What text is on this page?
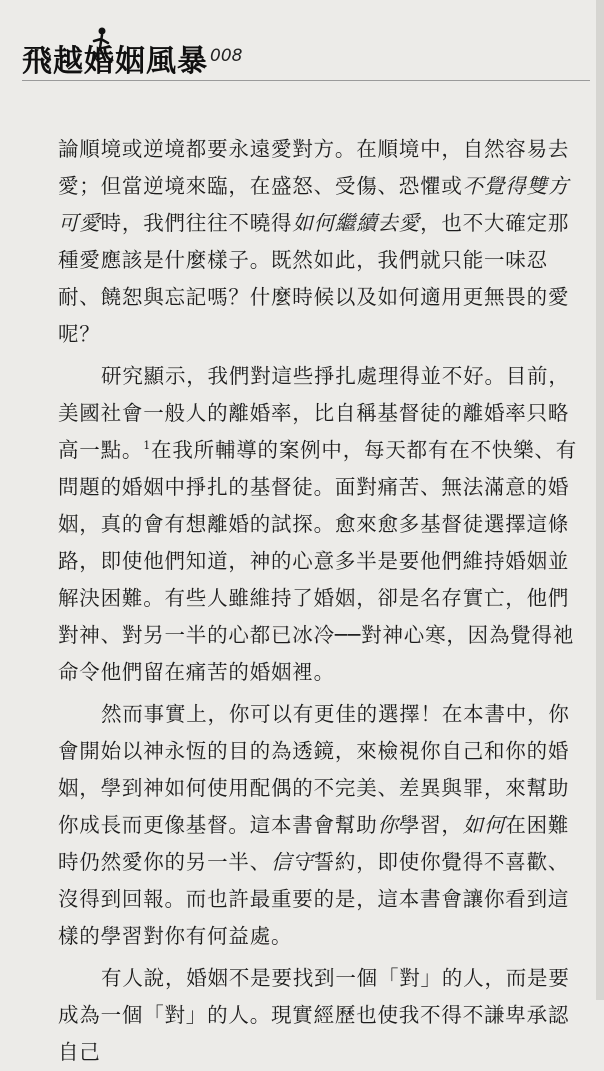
飛越婚姻風暴 008

論順境或逆境都要永遠愛對方。在順境中，自然容易去愛；但當逆境來臨，在盛怒、受傷、恐懼或不覺得雙方可愛時，我們往往不曉得如何繼續去愛，也不大確定那種愛應該是什麼樣子。既然如此，我們就只能一味忍耐、饒恕與忘記嗎？什麼時候以及如何適用更無畏的愛呢？

研究顯示，我們對這些掙扎處理得並不好。目前，美國社會一般人的離婚率，比自稱基督徒的離婚率只略高一點。$^1$在我所輔導的案例中，每天都有在不快樂、有問題的婚姻中掙扎的基督徒。面對痛苦、無法滿意的婚姻，真的會有想離婚的試探。愈來愈多基督徒選擇這條路，即使他們知道，神的心意多半是要他們維持婚姻並解決困難。有些人雖維持了婚姻，卻是名存實亡，他們對神、對另一半的心都已冰冷──對神心寒，因為覺得祂命令他們留在痛苦的婚姻裡。

然而事實上，你可以有更佳的選擇！在本書中，你會開始以神永恆的目的為透鏡，來檢視你自己和你的婚姻，學到神如何使用配偶的不完美、差異與罪，來幫助你成長而更像基督。這本書會幫助你學習，如何在困難時仍然愛你的另一半、信守誓約，即使你覺得不喜歡、沒得到回報。而也許最重要的是，這本書會讓你看到這樣的學習對你有何益處。

有人說，婚姻不是要找到一個「對」的人，而是要成為一個「對」的人。現實經歷也使我不得不謙卑承認自己
